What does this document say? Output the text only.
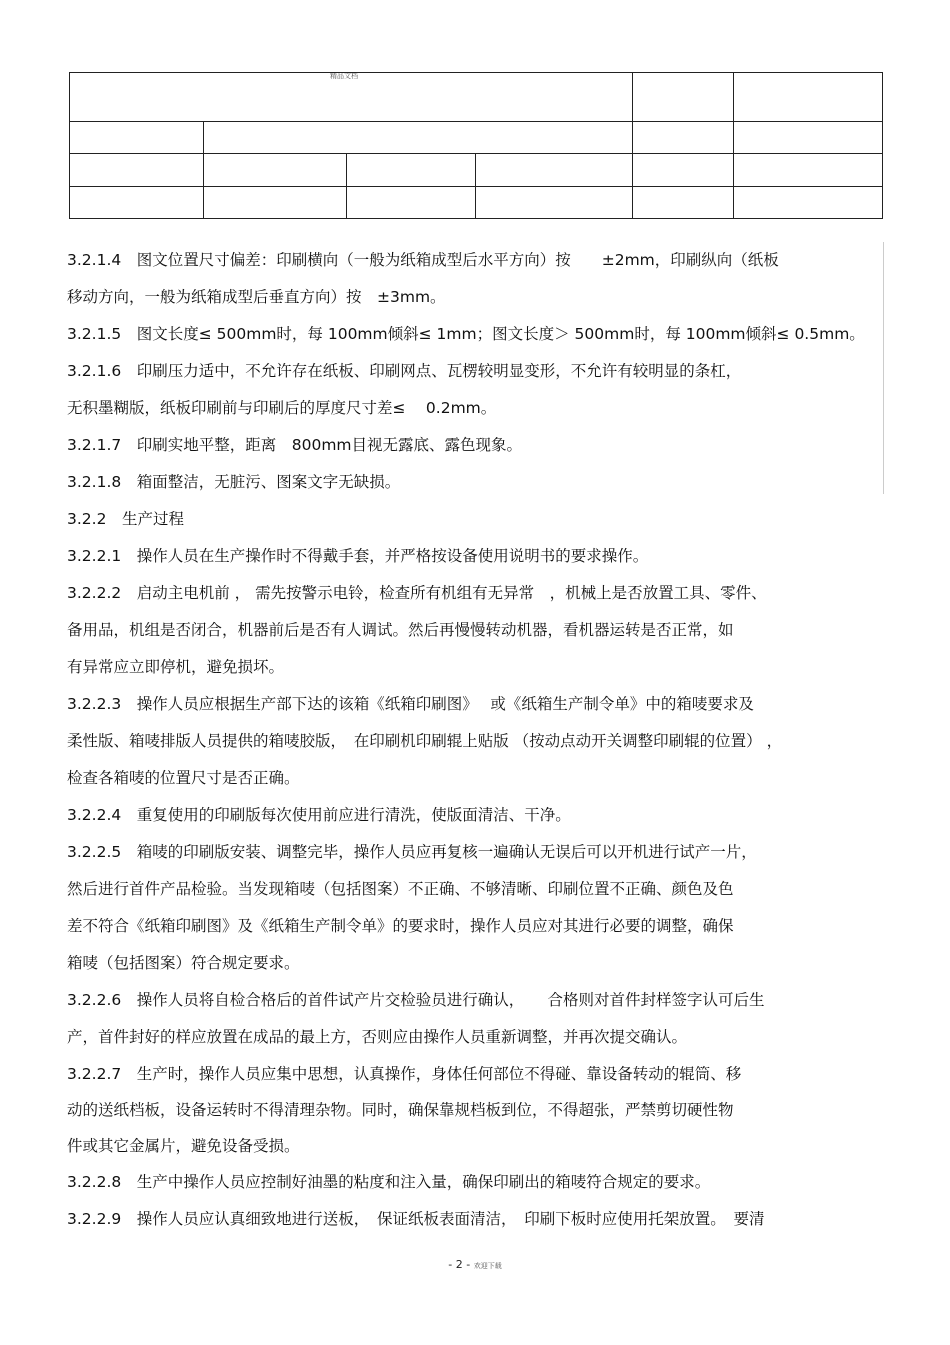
精品文档

3.2.1.4　图文位置尺寸偏差：印刷横向（一般为纸箱成型后水平方向）按　　±2mm，印刷纵向（纸板
移动方向，一般为纸箱成型后垂直方向）按　±3mm。
3.2.1.5　图文长度≤ 500mm时，每 100mm倾斜≤ 1mm；图文长度＞ 500mm时，每 100mm倾斜≤ 0.5mm。
3.2.1.6　印刷压力适中，不允许存在纸板、印刷网点、瓦楞较明显变形，不允许有较明显的条杠，
无积墨糊版，纸板印刷前与印刷后的厚度尺寸差≤　 0.2mm。
3.2.1.7　印刷实地平整，距离　800mm目视无露底、露色现象。
3.2.1.8　箱面整洁，无脏污、图案文字无缺损。
3.2.2　生产过程
3.2.2.1　操作人员在生产操作时不得戴手套，并严格按设备使用说明书的要求操作。
3.2.2.2　启动主电机前 ， 需先按警示电铃，检查所有机组有无异常　，机械上是否放置工具、零件、
备用品，机组是否闭合，机器前后是否有人调试。然后再慢慢转动机器，看机器运转是否正常，如
有异常应立即停机，避免损坏。
3.2.2.3　操作人员应根据生产部下达的该箱《纸箱印刷图》　 或《纸箱生产制令单》中的箱唛要求及
柔性版、箱唛排版人员提供的箱唛胶版，　在印刷机印刷辊上贴版 （按动点动开关调整印刷辊的位置） ，
检查各箱唛的位置尺寸是否正确。
3.2.2.4　重复使用的印刷版每次使用前应进行清洗，使版面清洁、干净。
3.2.2.5　箱唛的印刷版安装、调整完毕，操作人员应再复核一遍确认无误后可以开机进行试产一片，
然后进行首件产品检验。当发现箱唛（包括图案）不正确、不够清晰、印刷位置不正确、颜色及色
差不符合《纸箱印刷图》及《纸箱生产制令单》的要求时，操作人员应对其进行必要的调整，确保
箱唛（包括图案）符合规定要求。
3.2.2.6　操作人员将自检合格后的首件试产片交检验员进行确认，　　合格则对首件封样签字认可后生
产，首件封好的样应放置在成品的最上方，否则应由操作人员重新调整，并再次提交确认。
3.2.2.7　生产时，操作人员应集中思想，认真操作，身体任何部位不得碰、靠设备转动的辊筒、移
动的送纸档板，设备运转时不得清理杂物。同时，确保靠规档板到位，不得超张，严禁剪切硬性物
件或其它金属片，避免设备受损。
3.2.2.8　生产中操作人员应控制好油墨的粘度和注入量，确保印刷出的箱唛符合规定的要求。
3.2.2.9　操作人员应认真细致地进行送板，　保证纸板表面清洁，　印刷下板时应使用托架放置。　要清
- 2 - 欢迎下载
